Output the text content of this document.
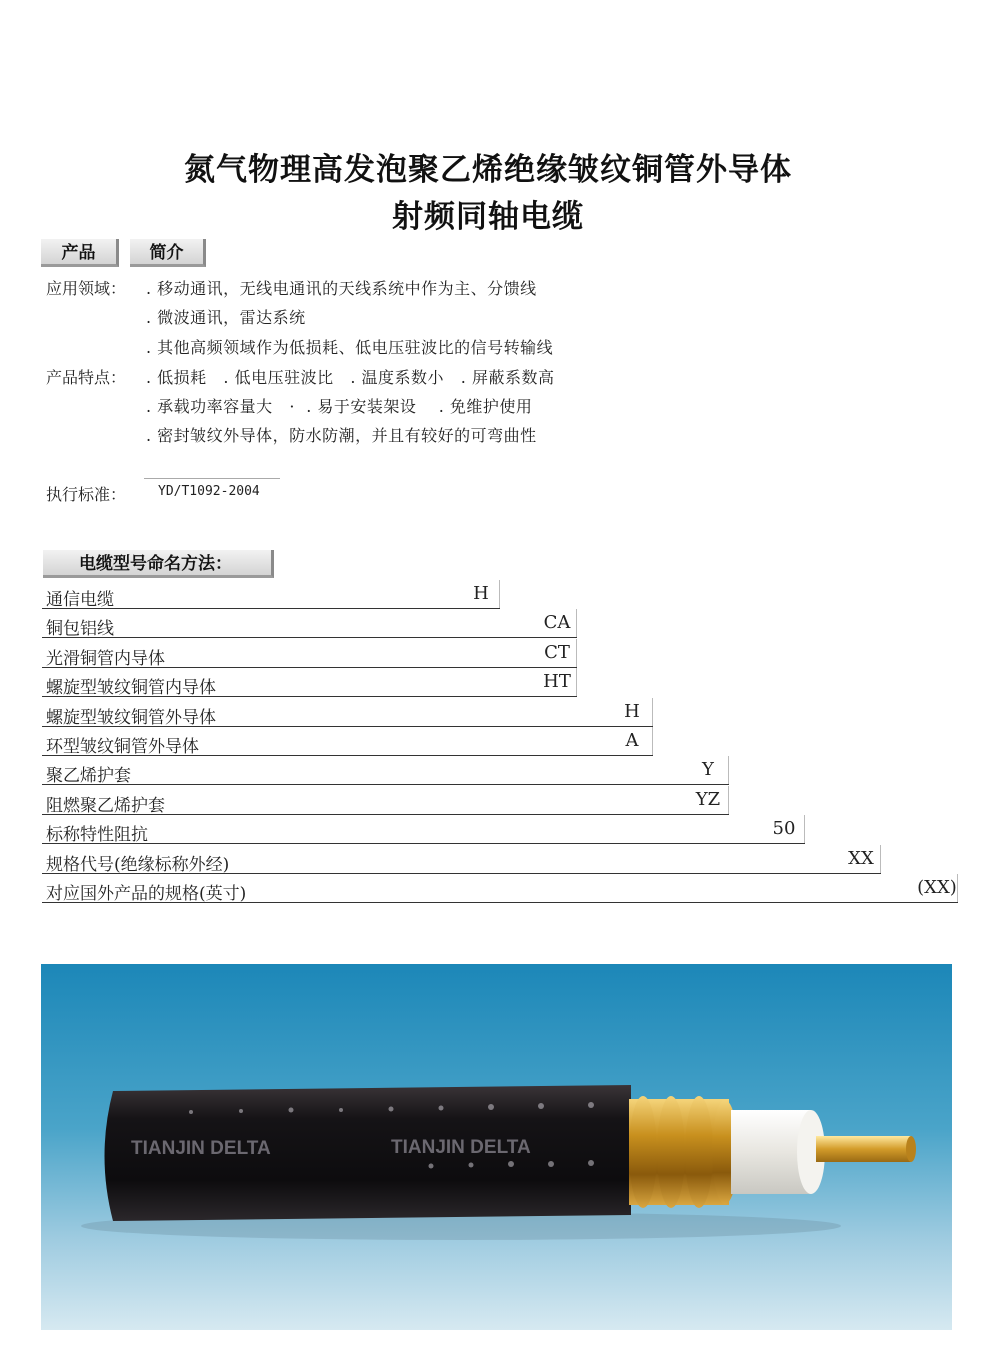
氮气物理高发泡聚乙烯绝缘皱纹铜管外导体
射频同轴电缆
产品	简介
应用领域： . 移动通讯，无线电通讯的天线系统中作为主、分馈线
. 微波通讯，雷达系统
. 其他高频领域作为低损耗、低电压驻波比的信号转输线
产品特点： . 低损耗   . 低电压驻波比   . 温度系数小   . 屏蔽系数高
. 承载功率容量大   ·  . 易于安装架设    . 免维护使用
. 密封皱纹外导体，防水防潮，并且有较好的可弯曲性
执行标准： YD/T1092-2004
电缆型号命名方法：
通信电缆	H
铜包铝线	CA
光滑铜管内导体	CT
螺旋型皱纹铜管内导体	HT
螺旋型皱纹铜管外导体	H
环型皱纹铜管外导体	A
聚乙烯护套	Y
阻燃聚乙烯护套	YZ
标称特性阻抗	50
规格代号(绝缘标称外经)	XX
对应国外产品的规格(英寸)	(XX)
TIANJIN DELTA	TIANJIN DELTA
